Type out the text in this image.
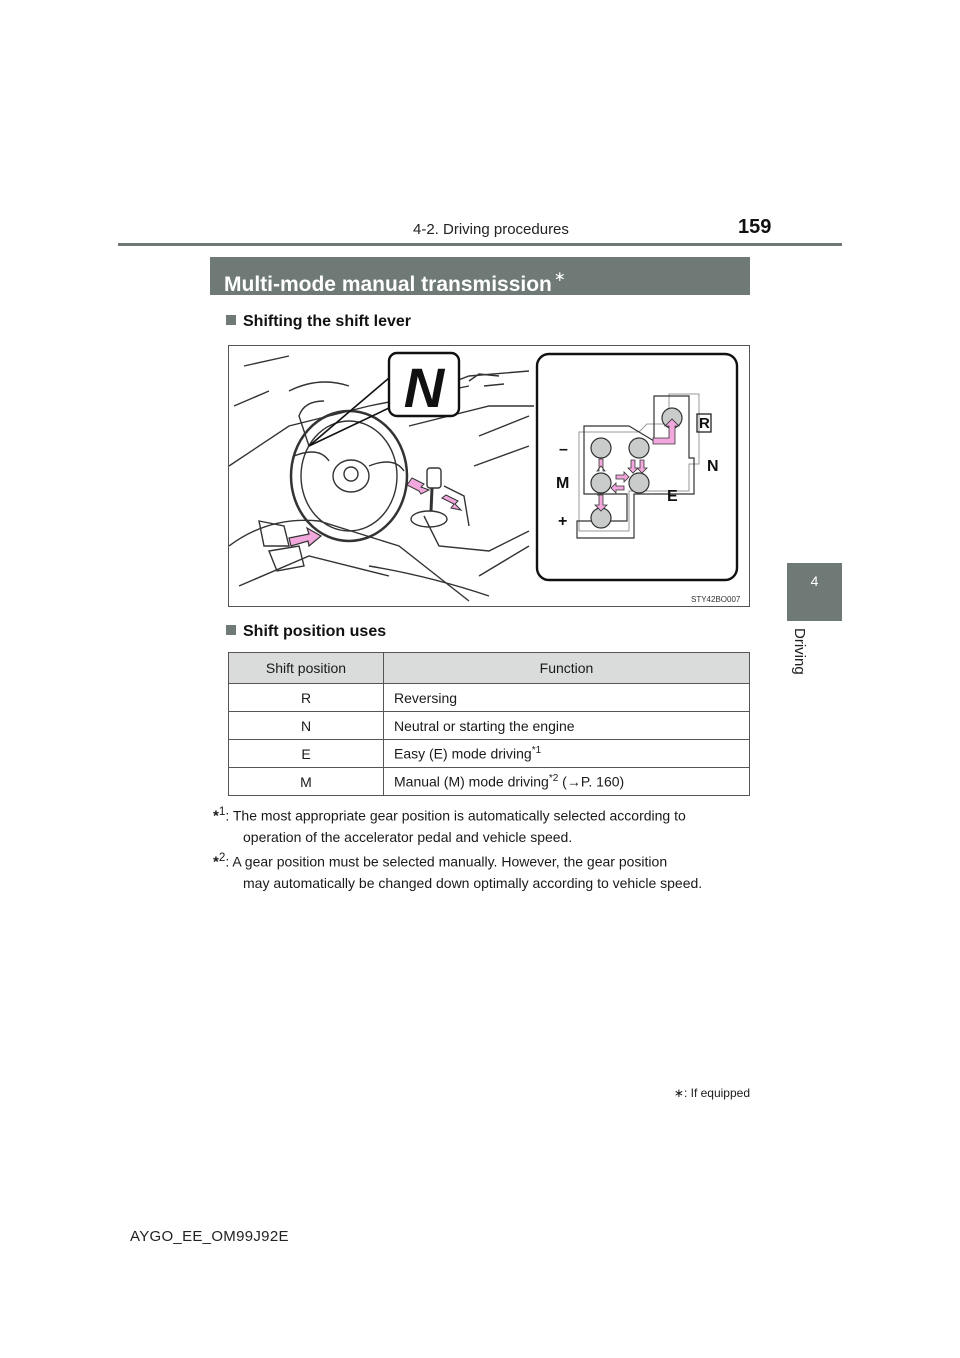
4-2. Driving procedures	159
4
Driving
Multi-mode manual transmission ∗
Shifting the shift lever
N
R
N
E
M
–
+
STY42BO007
Shift position uses
Shift position	Function
R	Reversing
N	Neutral or starting the engine
E	Easy (E) mode driving$^{*1}$
M	Manual (M) mode driving$^{*2}$ (→P. 160)
*$^1$: The most appropriate gear position is automatically selected according to
operation of the accelerator pedal and vehicle speed.
*$^2$: A gear position must be selected manually. However, the gear position
may automatically be changed down optimally according to vehicle speed.
∗: If equipped
AYGO_EE_OM99J92E
